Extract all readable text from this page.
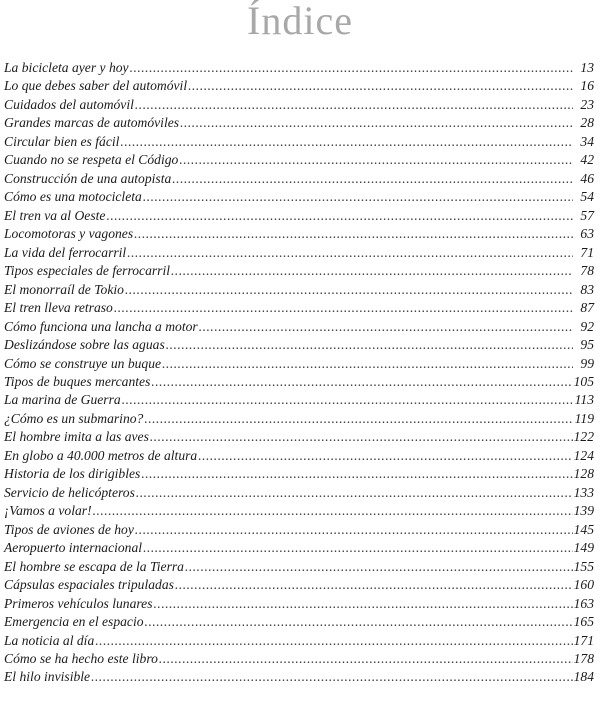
Índice
La bicicleta ayer y hoy .....	13
Lo que debes saber del automóvil .....	16
Cuidados del automóvil .....	23
Grandes marcas de automóviles .....	28
Circular bien es fácil .....	34
Cuando no se respeta el Código .....	42
Construcción de una autopista .....	46
Cómo es una motocicleta .....	54
El tren va al Oeste .....	57
Locomotoras y vagones .....	63
La vida del ferrocarril .....	71
Tipos especiales de ferrocarril .....	78
El monorraíl de Tokio .....	83
El tren lleva retraso .....	87
Cómo funciona una lancha a motor .....	92
Deslizándose sobre las aguas .....	95
Cómo se construye un buque .....	99
Tipos de buques mercantes .....	105
La marina de Guerra .....	113
¿Cómo es un submarino? .....	119
El hombre imita a las aves .....	122
En globo a 40.000 metros de altura .....	124
Historia de los dirigibles .....	128
Servicio de helicópteros .....	133
¡Vamos a volar! .....	139
Tipos de aviones de hoy .....	145
Aeropuerto internacional .....	149
El hombre se escapa de la Tierra .....	155
Cápsulas espaciales tripuladas .....	160
Primeros vehículos lunares .....	163
Emergencia en el espacio .....	165
La noticia al día .....	171
Cómo se ha hecho este libro .....	178
El hilo invisible .....	184
